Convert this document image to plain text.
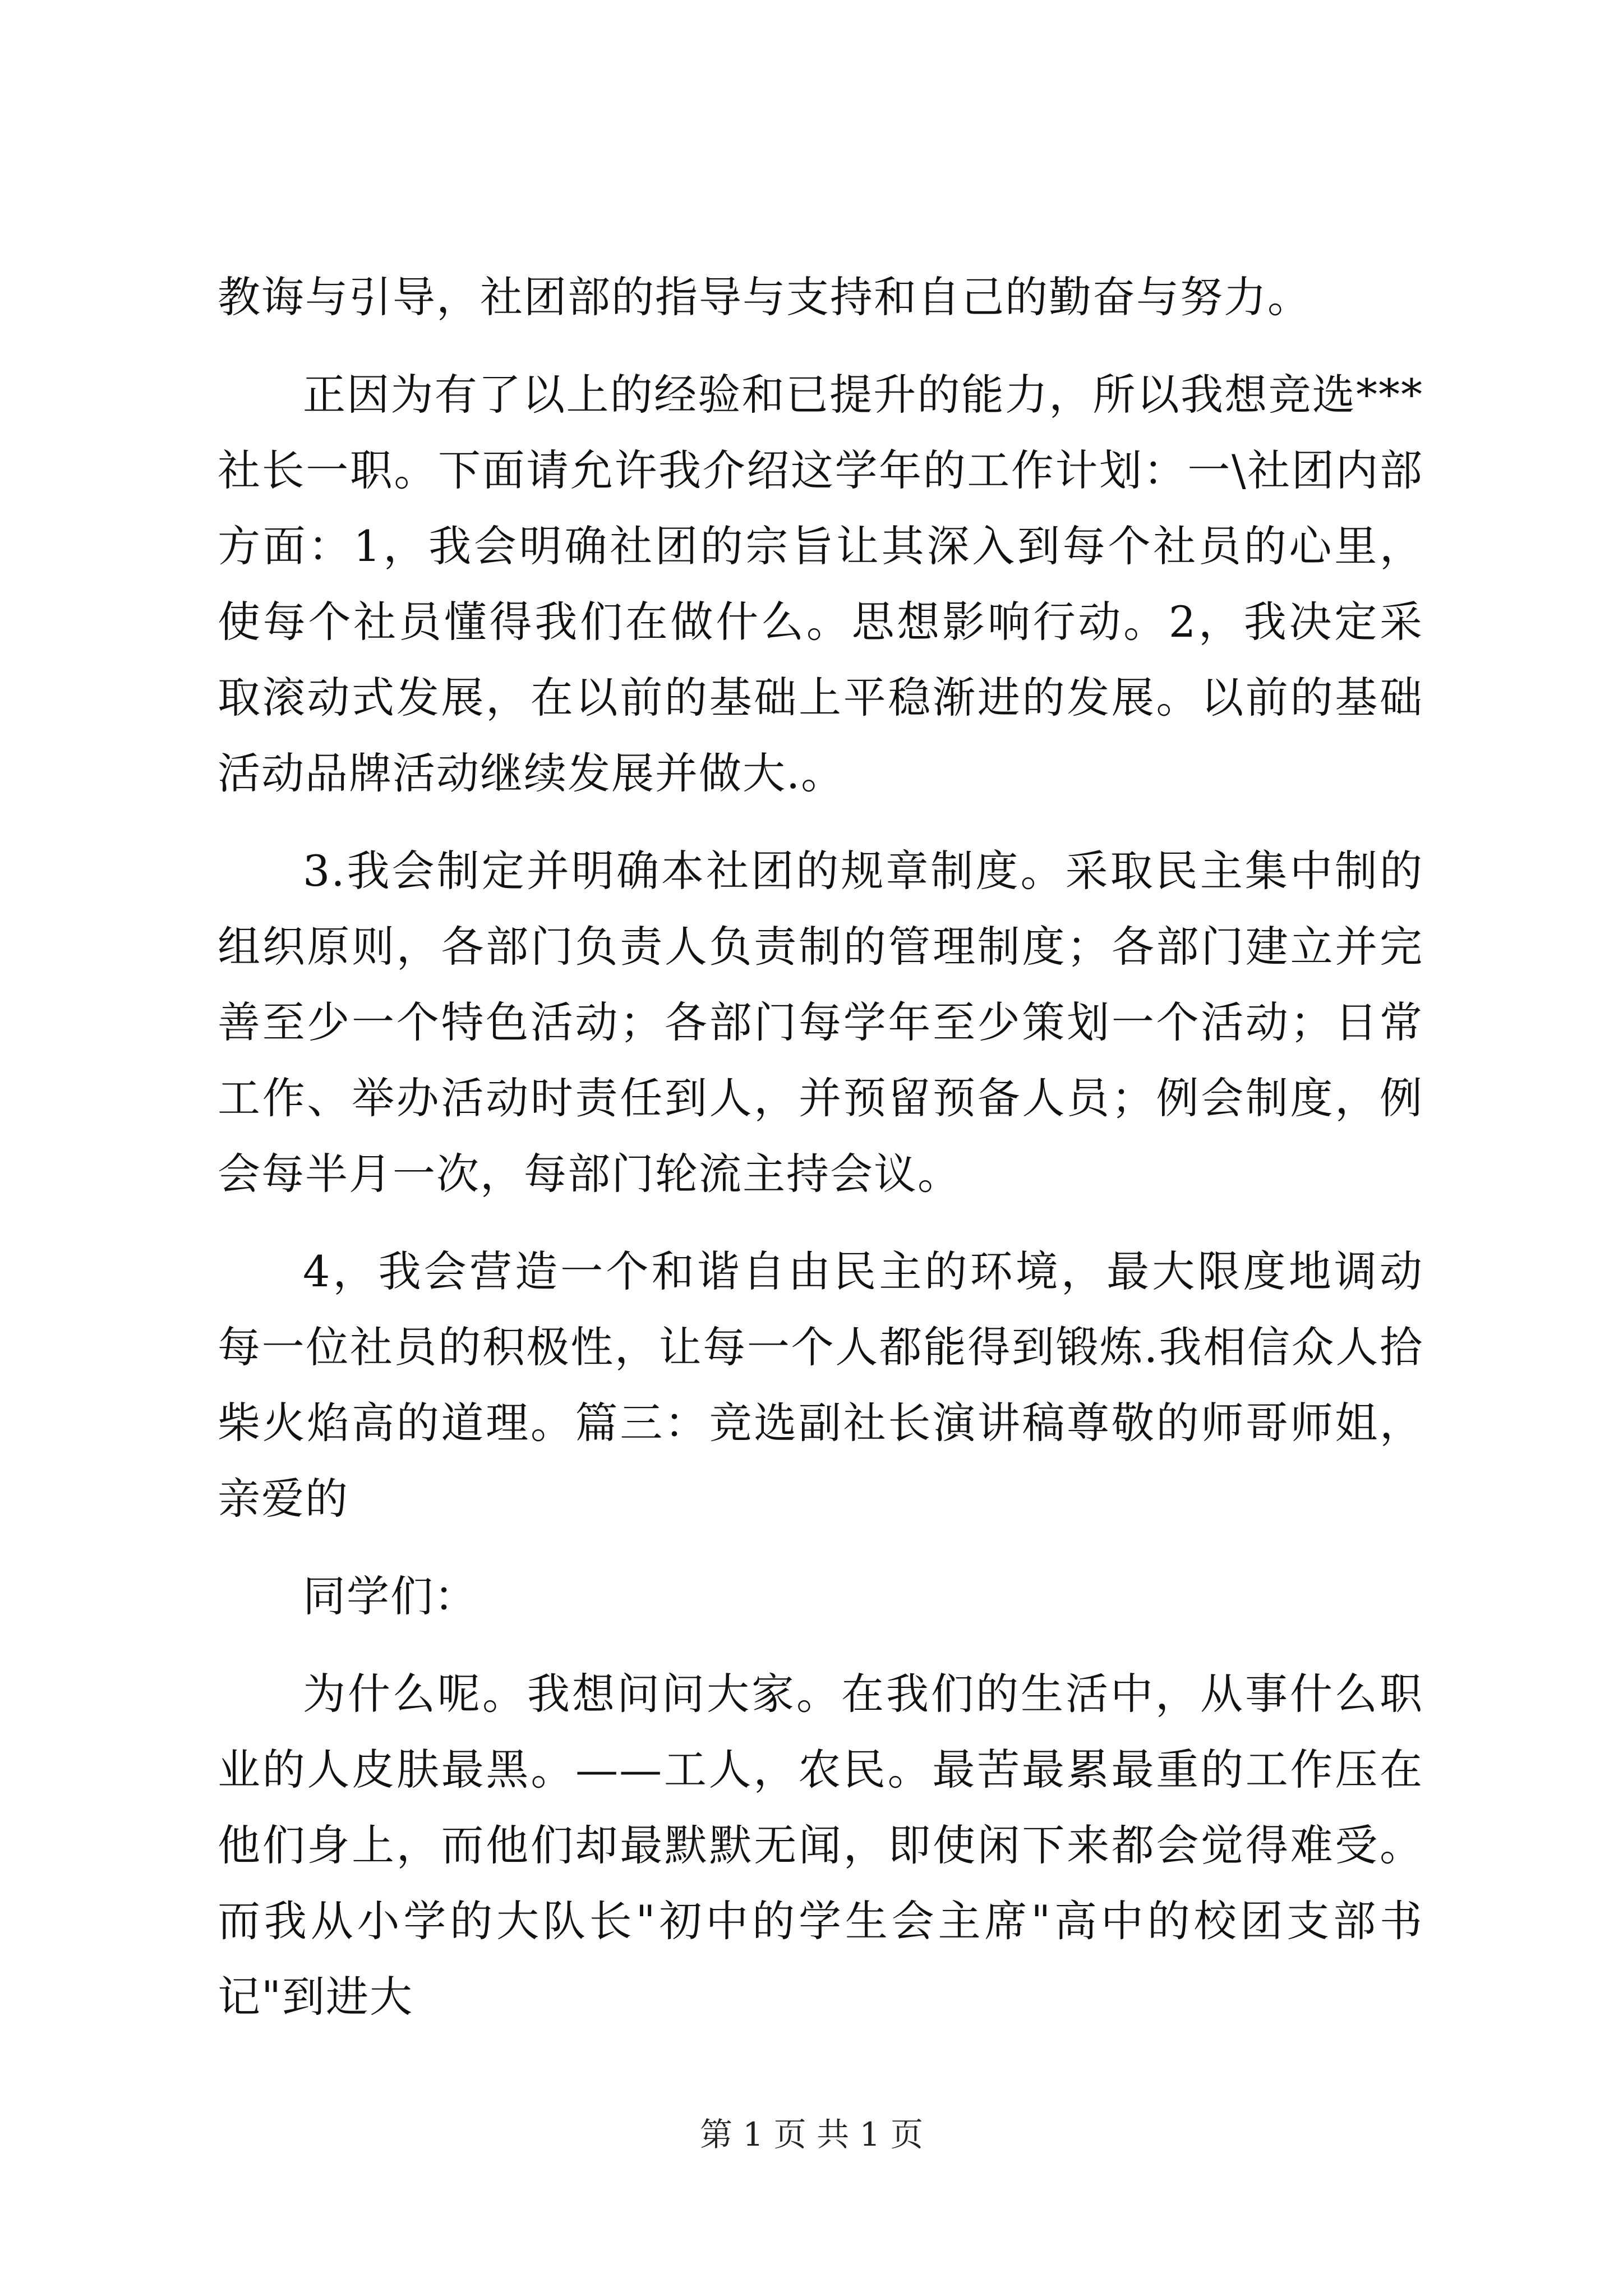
教诲与引导，社团部的指导与支持和自己的勤奋与努力。

正因为有了以上的经验和已提升的能力，所以我想竞选***社长一职。下面请允许我介绍这学年的工作计划：一\社团内部方面：1，我会明确社团的宗旨让其深入到每个社员的心里，使每个社员懂得我们在做什么。思想影响行动。2，我决定采取滚动式发展，在以前的基础上平稳渐进的发展。以前的基础活动品牌活动继续发展并做大.。

3.我会制定并明确本社团的规章制度。采取民主集中制的组织原则，各部门负责人负责制的管理制度；各部门建立并完善至少一个特色活动；各部门每学年至少策划一个活动；日常工作、举办活动时责任到人，并预留预备人员；例会制度，例会每半月一次，每部门轮流主持会议。

4，我会营造一个和谐自由民主的环境，最大限度地调动每一位社员的积极性，让每一个人都能得到锻炼.我相信众人拾柴火焰高的道理。篇三：竞选副社长演讲稿尊敬的师哥师姐，亲爱的

同学们：

为什么呢。我想问问大家。在我们的生活中，从事什么职业的人皮肤最黑。——工人，农民。最苦最累最重的工作压在他们身上，而他们却最默默无闻，即使闲下来都会觉得难受。而我从小学的大队长"初中的学生会主席"高中的校团支部书记"到进大

第 1 页 共 1 页
